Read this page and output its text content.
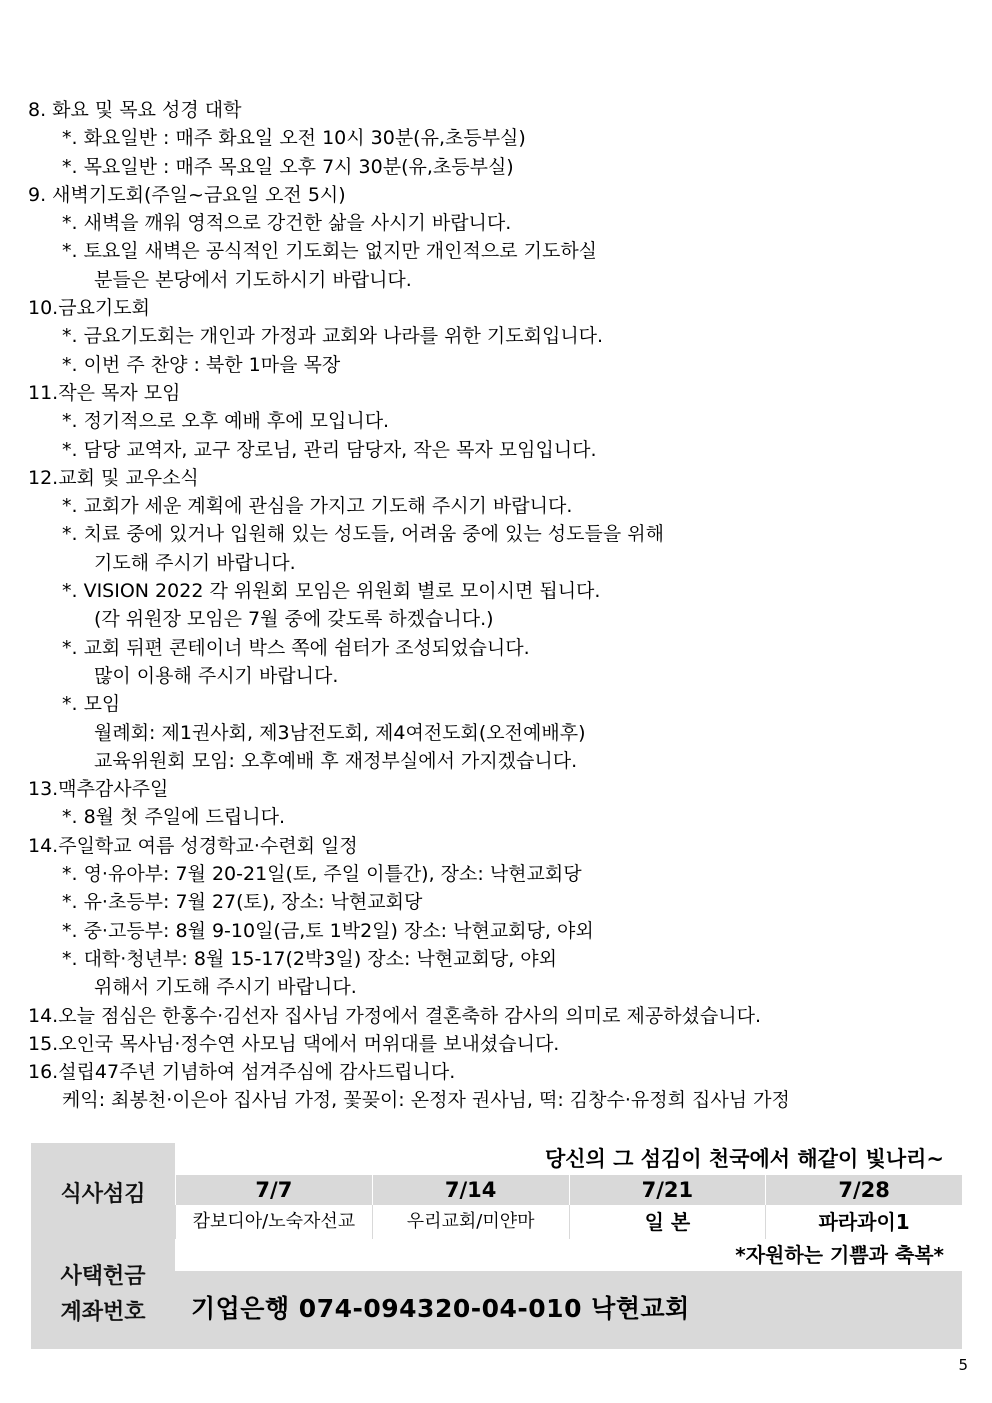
8. 화요 및 목요 성경 대학
*. 화요일반 : 매주 화요일 오전 10시 30분(유,초등부실)
*. 목요일반 : 매주 목요일 오후 7시 30분(유,초등부실)
9. 새벽기도회(주일~금요일 오전 5시)
*. 새벽을 깨워 영적으로 강건한 삶을 사시기 바랍니다.
*. 토요일 새벽은 공식적인 기도회는 없지만 개인적으로 기도하실
분들은 본당에서 기도하시기 바랍니다.
10.금요기도회
*. 금요기도회는 개인과 가정과 교회와 나라를 위한 기도회입니다.
*. 이번 주 찬양 : 북한 1마을 목장
11.작은 목자 모임
*. 정기적으로 오후 예배 후에 모입니다.
*. 담당 교역자, 교구 장로님, 관리 담당자, 작은 목자 모임입니다.
12.교회 및 교우소식
*. 교회가 세운 계획에 관심을 가지고 기도해 주시기 바랍니다.
*. 치료 중에 있거나 입원해 있는 성도들, 어려움 중에 있는 성도들을 위해
기도해 주시기 바랍니다.
*. VISION 2022 각 위원회 모임은 위원회 별로 모이시면 됩니다.
(각 위원장 모임은 7월 중에 갖도록 하겠습니다.)
*. 교회 뒤편 콘테이너 박스 쪽에 쉼터가 조성되었습니다.
많이 이용해 주시기 바랍니다.
*. 모임
월례회: 제1권사회, 제3남전도회, 제4여전도회(오전예배후)
교육위원회 모임: 오후예배 후 재정부실에서 가지겠습니다.
13.맥추감사주일
*. 8월 첫 주일에 드립니다.
14.주일학교 여름 성경학교·수련회 일정
*. 영·유아부: 7월 20-21일(토, 주일 이틀간), 장소: 낙현교회당
*. 유·초등부: 7월 27(토), 장소: 낙현교회당
*. 중·고등부: 8월 9-10일(금,토 1박2일) 장소: 낙현교회당, 야외
*. 대학·청년부: 8월 15-17(2박3일) 장소: 낙현교회당, 야외
위해서 기도해 주시기 바랍니다.
14.오늘 점심은 한홍수·김선자 집사님 가정에서 결혼축하 감사의 의미로 제공하셨습니다.
15.오인국 목사님·정수연 사모님 댁에서 머위대를 보내셨습니다.
16.설립47주년 기념하여 섬겨주심에 감사드립니다.
케익: 최봉천·이은아 집사님 가정, 꽃꽂이: 온정자 권사님, 떡: 김창수·유정희 집사님 가정
식사섬김
사택헌금
계좌번호
당신의 그 섬김이 천국에서 해같이 빛나리~
7/7	7/14	7/21	7/28
캄보디아/노숙자선교	우리교회/미얀마	일 본	파라과이1
*자원하는 기쁨과 축복*
기업은행 074-094320-04-010 낙현교회
5
